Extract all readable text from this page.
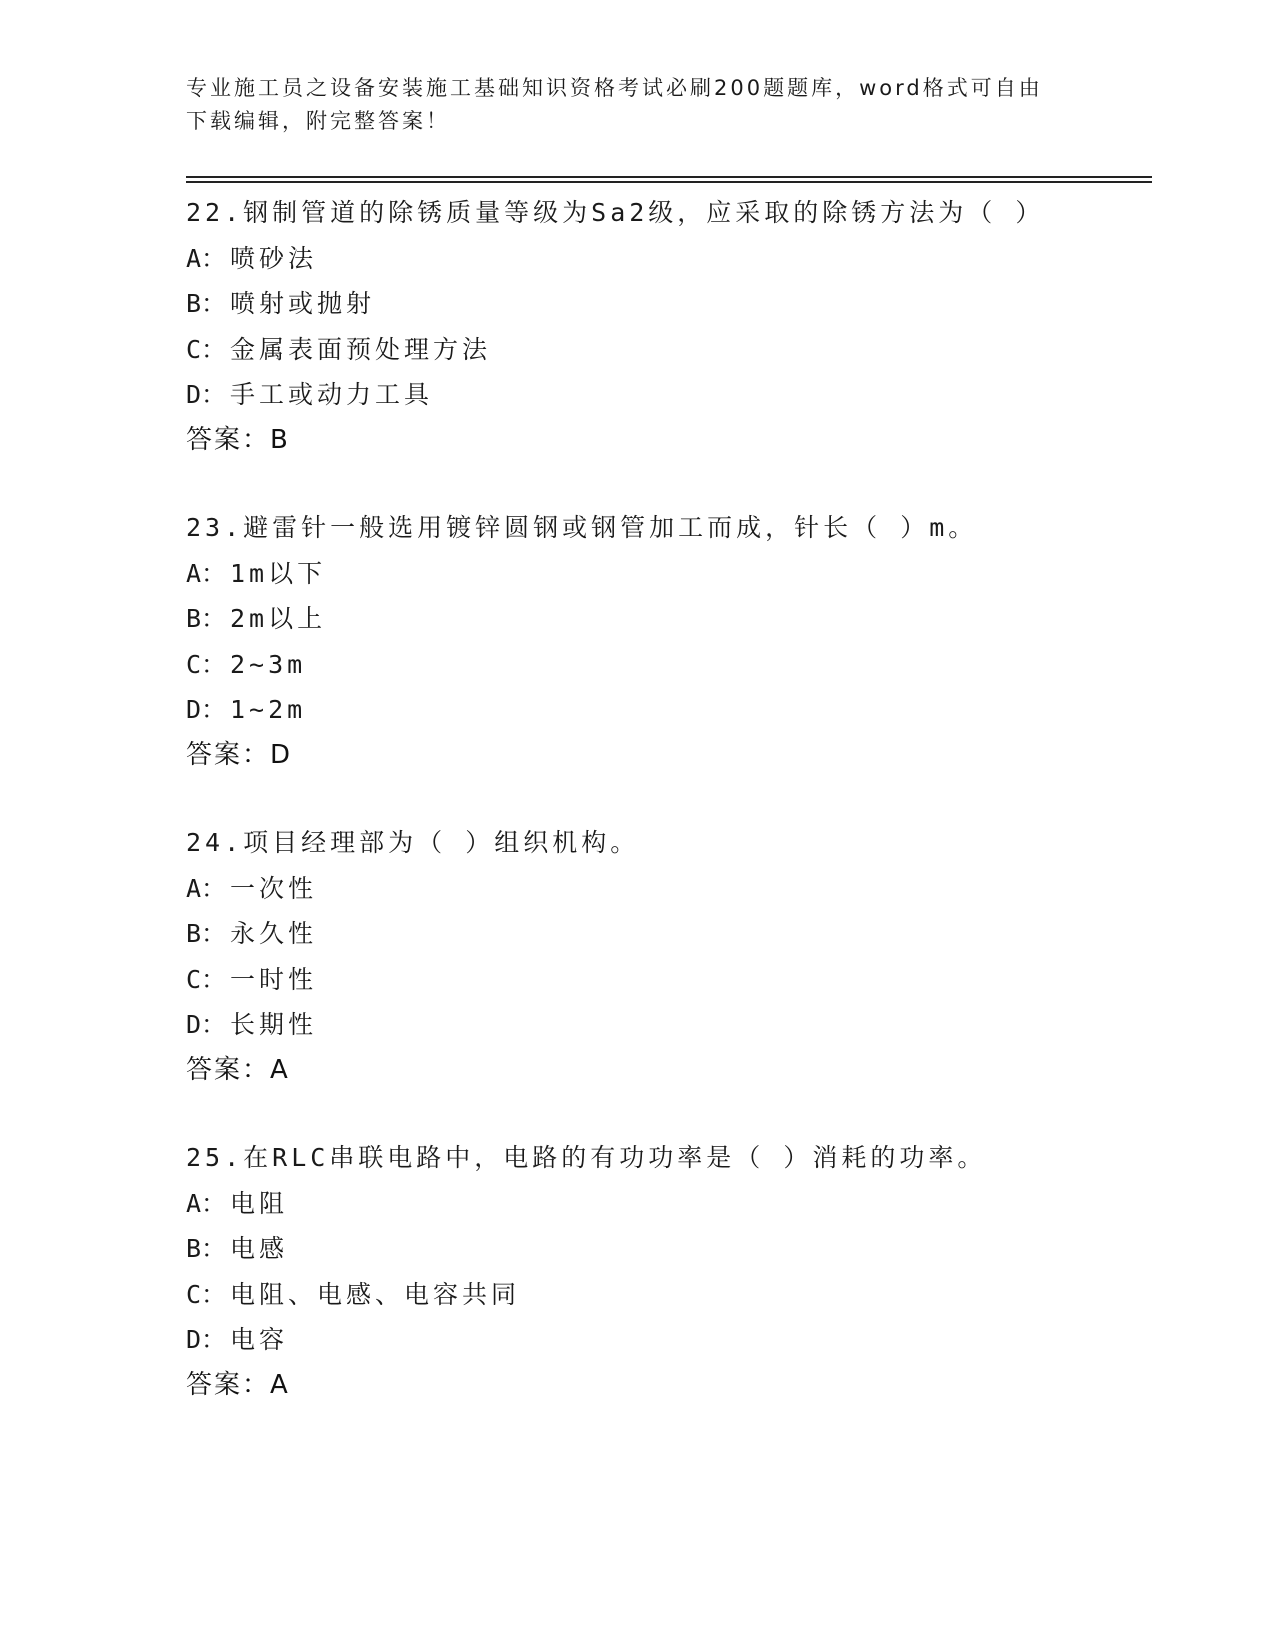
专业施工员之设备安装施工基础知识资格考试必刷200题题库，word格式可自由
下载编辑，附完整答案！
22.钢制管道的除锈质量等级为Sa2级，应采取的除锈方法为（ ）
A： 喷砂法
B： 喷射或抛射
C： 金属表面预处理方法
D： 手工或动力工具
答案：B
23.避雷针一般选用镀锌圆钢或钢管加工而成，针长（ ）m。
A： 1m以下
B： 2m以上
C： 2~3m
D： 1~2m
答案：D
24.项目经理部为（ ）组织机构。
A： 一次性
B： 永久性
C： 一时性
D： 长期性
答案：A
25.在RLC串联电路中，电路的有功功率是（ ）消耗的功率。
A： 电阻
B： 电感
C： 电阻、电感、电容共同
D： 电容
答案：A
